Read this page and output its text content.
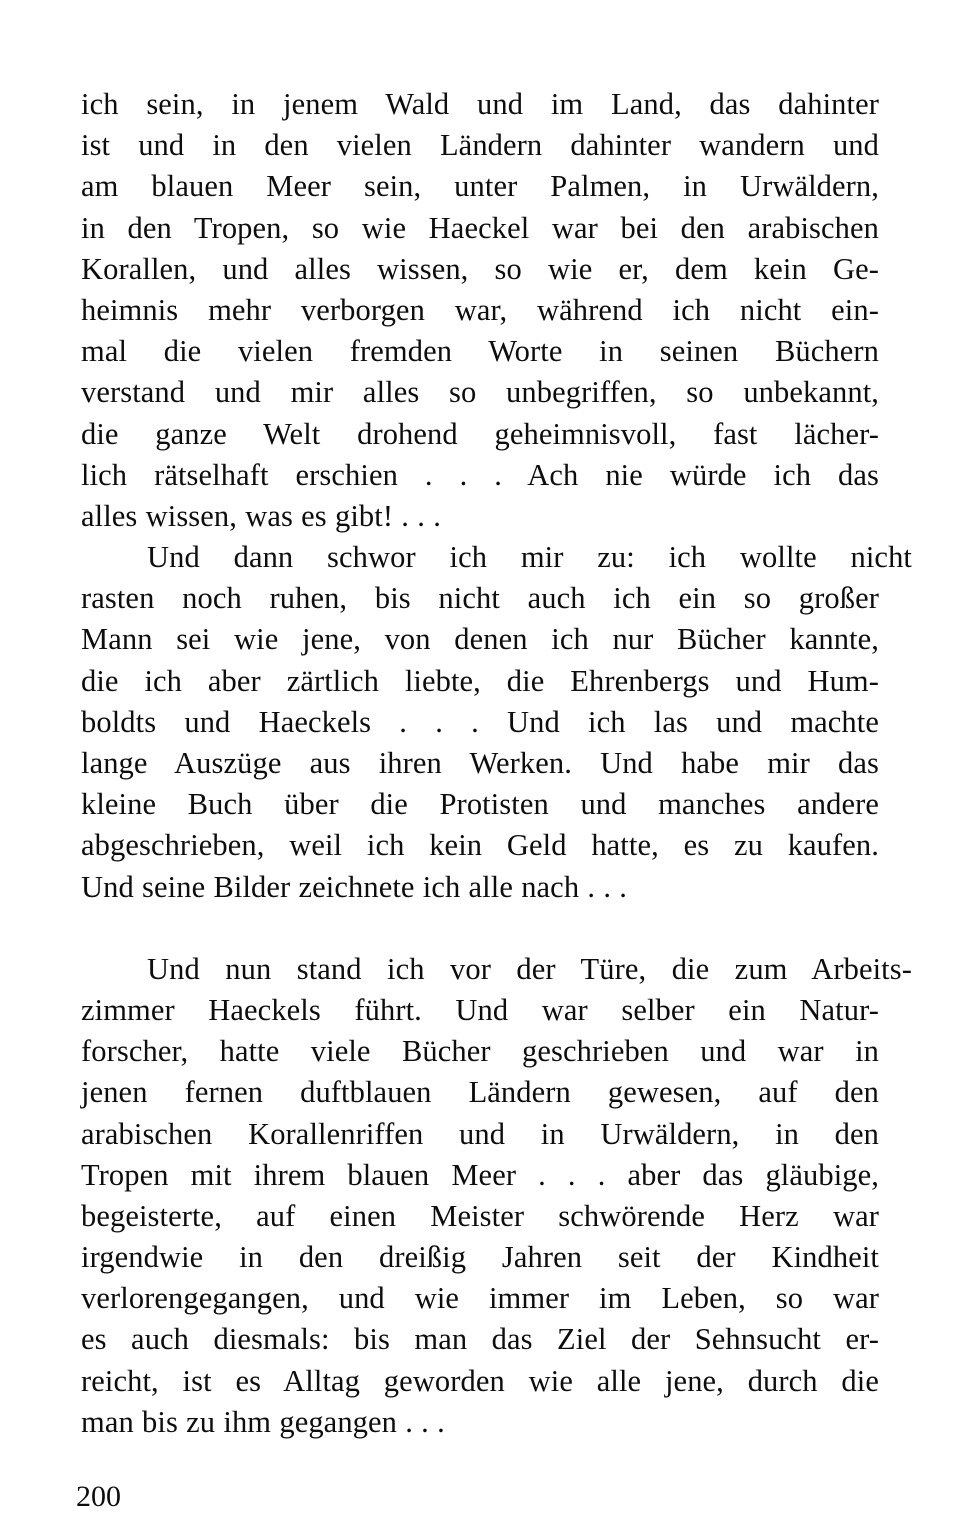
ich sein, in jenem Wald und im Land, das dahinter
ist und in den vielen Ländern dahinter wandern und
am blauen Meer sein, unter Palmen, in Urwäldern,
in den Tropen, so wie Haeckel war bei den arabischen
Korallen, und alles wissen, so wie er, dem kein Ge-
heimnis mehr verborgen war, während ich nicht ein-
mal die vielen fremden Worte in seinen Büchern
verstand und mir alles so unbegriffen, so unbekannt,
die ganze Welt drohend geheimnisvoll, fast lächer-
lich rätselhaft erschien . . . Ach nie würde ich das
alles wissen, was es gibt! . . .
Und dann schwor ich mir zu: ich wollte nicht
rasten noch ruhen, bis nicht auch ich ein so großer
Mann sei wie jene, von denen ich nur Bücher kannte,
die ich aber zärtlich liebte, die Ehrenbergs und Hum-
boldts und Haeckels . . . Und ich las und machte
lange Auszüge aus ihren Werken. Und habe mir das
kleine Buch über die Protisten und manches andere
abgeschrieben, weil ich kein Geld hatte, es zu kaufen.
Und seine Bilder zeichnete ich alle nach . . .
Und nun stand ich vor der Türe, die zum Arbeits-
zimmer Haeckels führt. Und war selber ein Natur-
forscher, hatte viele Bücher geschrieben und war in
jenen fernen duftblauen Ländern gewesen, auf den
arabischen Korallenriffen und in Urwäldern, in den
Tropen mit ihrem blauen Meer . . . aber das gläubige,
begeisterte, auf einen Meister schwörende Herz war
irgendwie in den dreißig Jahren seit der Kindheit
verlorengegangen, und wie immer im Leben, so war
es auch diesmals: bis man das Ziel der Sehnsucht er-
reicht, ist es Alltag geworden wie alle jene, durch die
man bis zu ihm gegangen . . .
200
